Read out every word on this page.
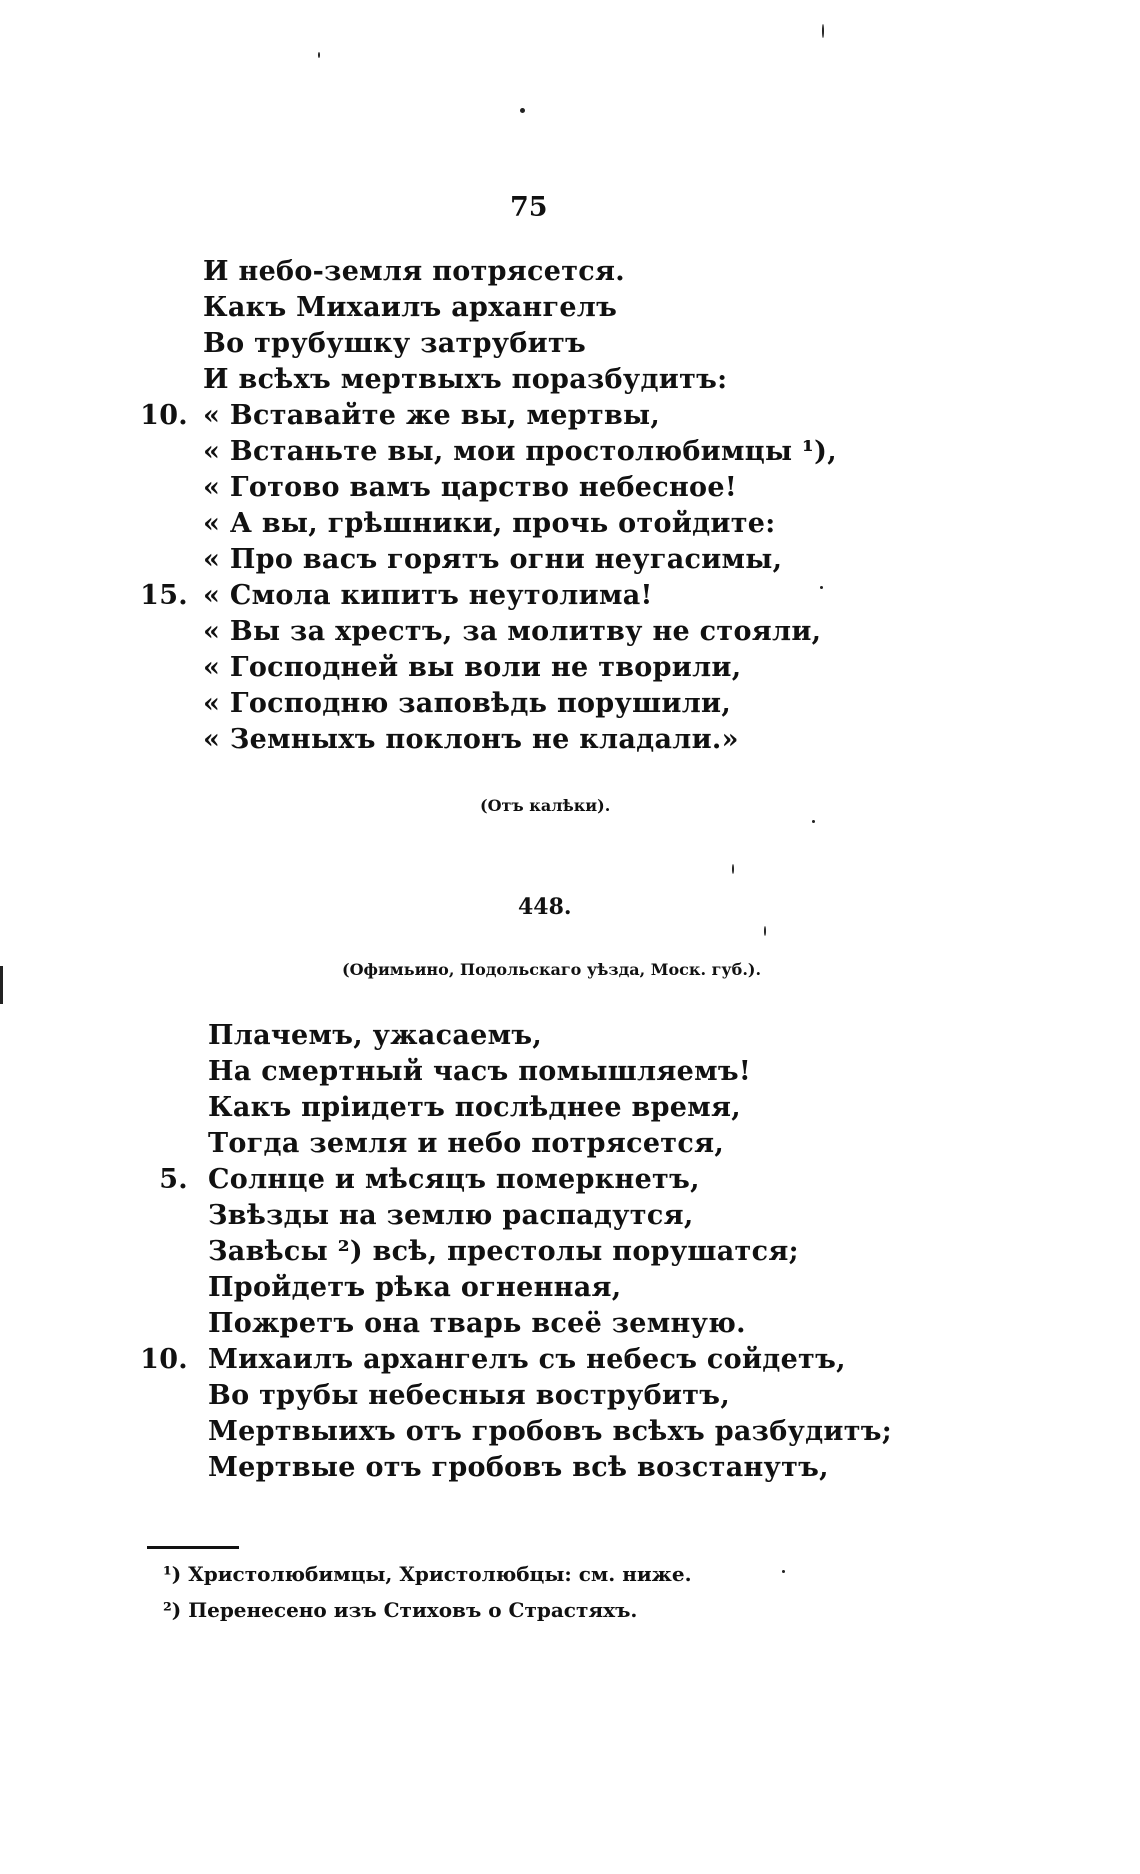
75
И небо-земля потрясется.
Какъ Михаилъ архангелъ
Во трубушку затрубитъ
И всѣхъ мертвыхъ поразбудитъ:
10. « Вставайте же вы, мертвы,
« Встаньте вы, мои простолюбимцы ¹),
« Готово вамъ царство небесное!
« А вы, грѣшники, прочь отойдите:
« Про васъ горятъ огни неугасимы,
15. « Смола кипитъ неутолима!
« Вы за хрестъ, за молитву не стояли,
« Господней вы воли не творили,
« Господню заповѣдь порушили,
« Земныхъ поклонъ не кладали.»
(Отъ калѣки).
448.
(Офимьино, Подольскаго уѣзда, Моск. губ.).
Плачемъ, ужасаемъ,
На смертный часъ помышляемъ!
Какъ прiидетъ послѣднее время,
Тогда земля и небо потрясется,
5. Солнце и мѣсяцъ померкнетъ,
Звѣзды на землю распадутся,
Завѣсы ²) всѣ, престолы порушатся;
Пройдетъ рѣка огненная,
Пожретъ она тварь всеё земную.
10. Михаилъ архангелъ съ небесъ сойдетъ,
Во трубы небесныя вострубитъ,
Мертвыихъ отъ гробовъ всѣхъ разбудитъ;
Мертвые отъ гробовъ всѣ возстанутъ,
¹) Христолюбимцы, Христолюбцы: см. ниже.
²) Перенесено изъ Стиховъ о Страстяхъ.
